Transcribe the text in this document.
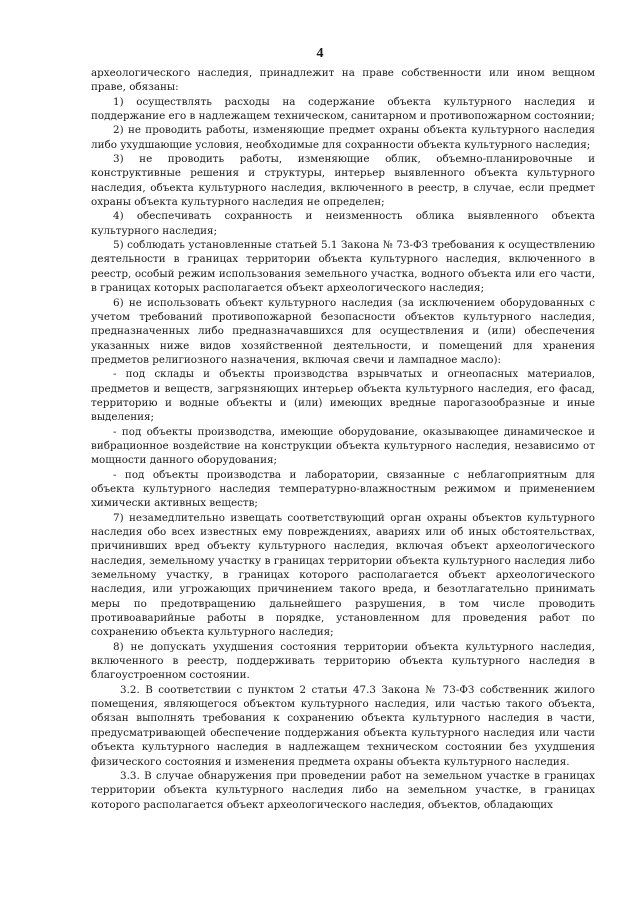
4

археологического наследия, принадлежит на праве собственности или ином вещном праве, обязаны:

1) осуществлять расходы на содержание объекта культурного наследия и поддержание его в надлежащем техническом, санитарном и противопожарном состоянии;

2) не проводить работы, изменяющие предмет охраны объекта культурного наследия либо ухудшающие условия, необходимые для сохранности объекта культурного наследия;

3) не проводить работы, изменяющие облик, объемно-планировочные и конструктивные решения и структуры, интерьер выявленного объекта культурного наследия, объекта культурного наследия, включенного в реестр, в случае, если предмет охраны объекта культурного наследия не определен;

4) обеспечивать сохранность и неизменность облика выявленного объекта культурного наследия;

5) соблюдать установленные статьей 5.1 Закона № 73-ФЗ требования к осуществлению деятельности в границах территории объекта культурного наследия, включенного в реестр, особый режим использования земельного участка, водного объекта или его части, в границах которых располагается объект археологического наследия;

6) не использовать объект культурного наследия (за исключением оборудованных с учетом требований противопожарной безопасности объектов культурного наследия, предназначенных либо предназначавшихся для осуществления и (или) обеспечения указанных ниже видов хозяйственной деятельности, и помещений для хранения предметов религиозного назначения, включая свечи и лампадное масло):

- под склады и объекты производства взрывчатых и огнеопасных материалов, предметов и веществ, загрязняющих интерьер объекта культурного наследия, его фасад, территорию и водные объекты и (или) имеющих вредные парогазообразные и иные выделения;

- под объекты производства, имеющие оборудование, оказывающее динамическое и вибрационное воздействие на конструкции объекта культурного наследия, независимо от мощности данного оборудования;

- под объекты производства и лаборатории, связанные с неблагоприятным для объекта культурного наследия температурно-влажностным режимом и применением химически активных веществ;

7) незамедлительно извещать соответствующий орган охраны объектов культурного наследия обо всех известных ему повреждениях, авариях или об иных обстоятельствах, причинивших вред объекту культурного наследия, включая объект археологического наследия, земельному участку в границах территории объекта культурного наследия либо земельному участку, в границах которого располагается объект археологического наследия, или угрожающих причинением такого вреда, и безотлагательно принимать меры по предотвращению дальнейшего разрушения, в том числе проводить противоаварийные работы в порядке, установленном для проведения работ по сохранению объекта культурного наследия;

8) не допускать ухудшения состояния территории объекта культурного наследия, включенного в реестр, поддерживать территорию объекта культурного наследия в благоустроенном состоянии.

3.2. В соответствии с пунктом 2 статьи 47.3 Закона № 73-ФЗ собственник жилого помещения, являющегося объектом культурного наследия, или частью такого объекта, обязан выполнять требования к сохранению объекта культурного наследия в части, предусматривающей обеспечение поддержания объекта культурного наследия или части объекта культурного наследия в надлежащем техническом состоянии без ухудшения физического состояния и изменения предмета охраны объекта культурного наследия.

3.3. В случае обнаружения при проведении работ на земельном участке в границах территории объекта культурного наследия либо на земельном участке, в границах которого располагается объект археологического наследия, объектов, обладающих
